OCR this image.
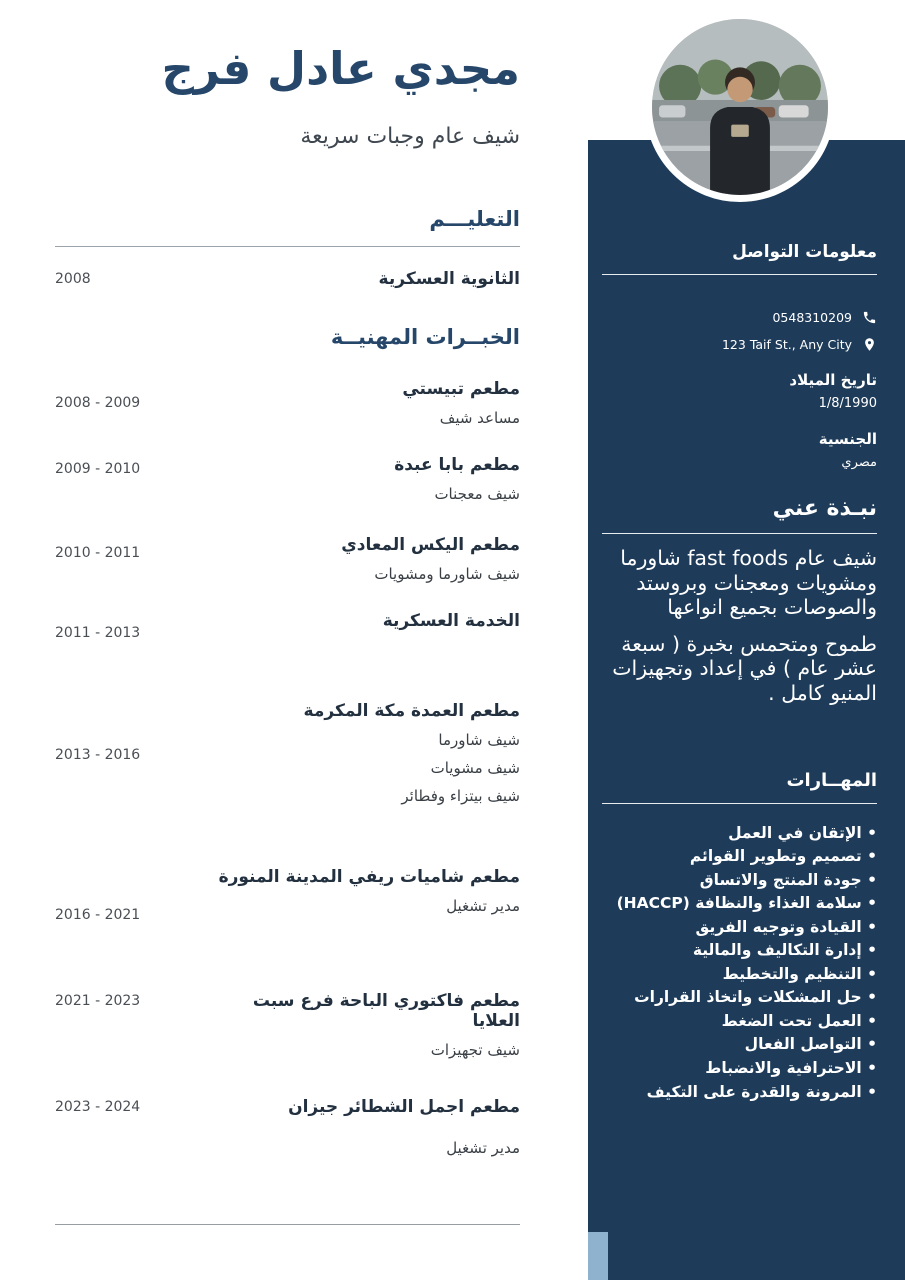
مجدي عادل فرج
شيف عام وجبات سريعة
التعليـــم
الثانوية العسكرية
2008
الخبــرات المهنيــة
مطعم تبيستي
مساعد شيف
2008 - 2009
مطعم بابا عبدة
شيف معجنات
2009 - 2010
مطعم اليكس المعادي
شيف شاورما ومشويات
2010 - 2011
الخدمة العسكرية
2011 - 2013
مطعم العمدة مكة المكرمة
شيف شاورما
شيف مشويات
شيف بيتزاء وفطائر
2013 - 2016
مطعم شاميات ريفي المدينة المنورة
مدير تشغيل
2016 - 2021
مطعم فاكتوري الباحة فرع سبت العلايا
شيف تجهيزات
2021 - 2023
مطعم اجمل الشطائر جيزان
مدير تشغيل
2023 - 2024
معلومات التواصل
0548310209
123 Taif St., Any City
تاريخ الميلاد
1/8/1990
الجنسية
مصري
نبـذة عني

شيف عام fast foods شاورما ومشويات ومعجنات وبروستد والصوصات بجميع انواعها

طموح ومتحمس بخبرة ( سبعة عشر عام ) في إعداد وتجهيزات المنيو كامل .

المهــارات
• الإتقان في العمل
• تصميم وتطوير القوائم
• جودة المنتج والاتساق
• سلامة الغذاء والنظافة (HACCP)
• القيادة وتوجيه الفريق
• إدارة التكاليف والمالية
• التنظيم والتخطيط
• حل المشكلات واتخاذ القرارات
• العمل تحت الضغط
• التواصل الفعال
• الاحترافية والانضباط
• المرونة والقدرة على التكيف
